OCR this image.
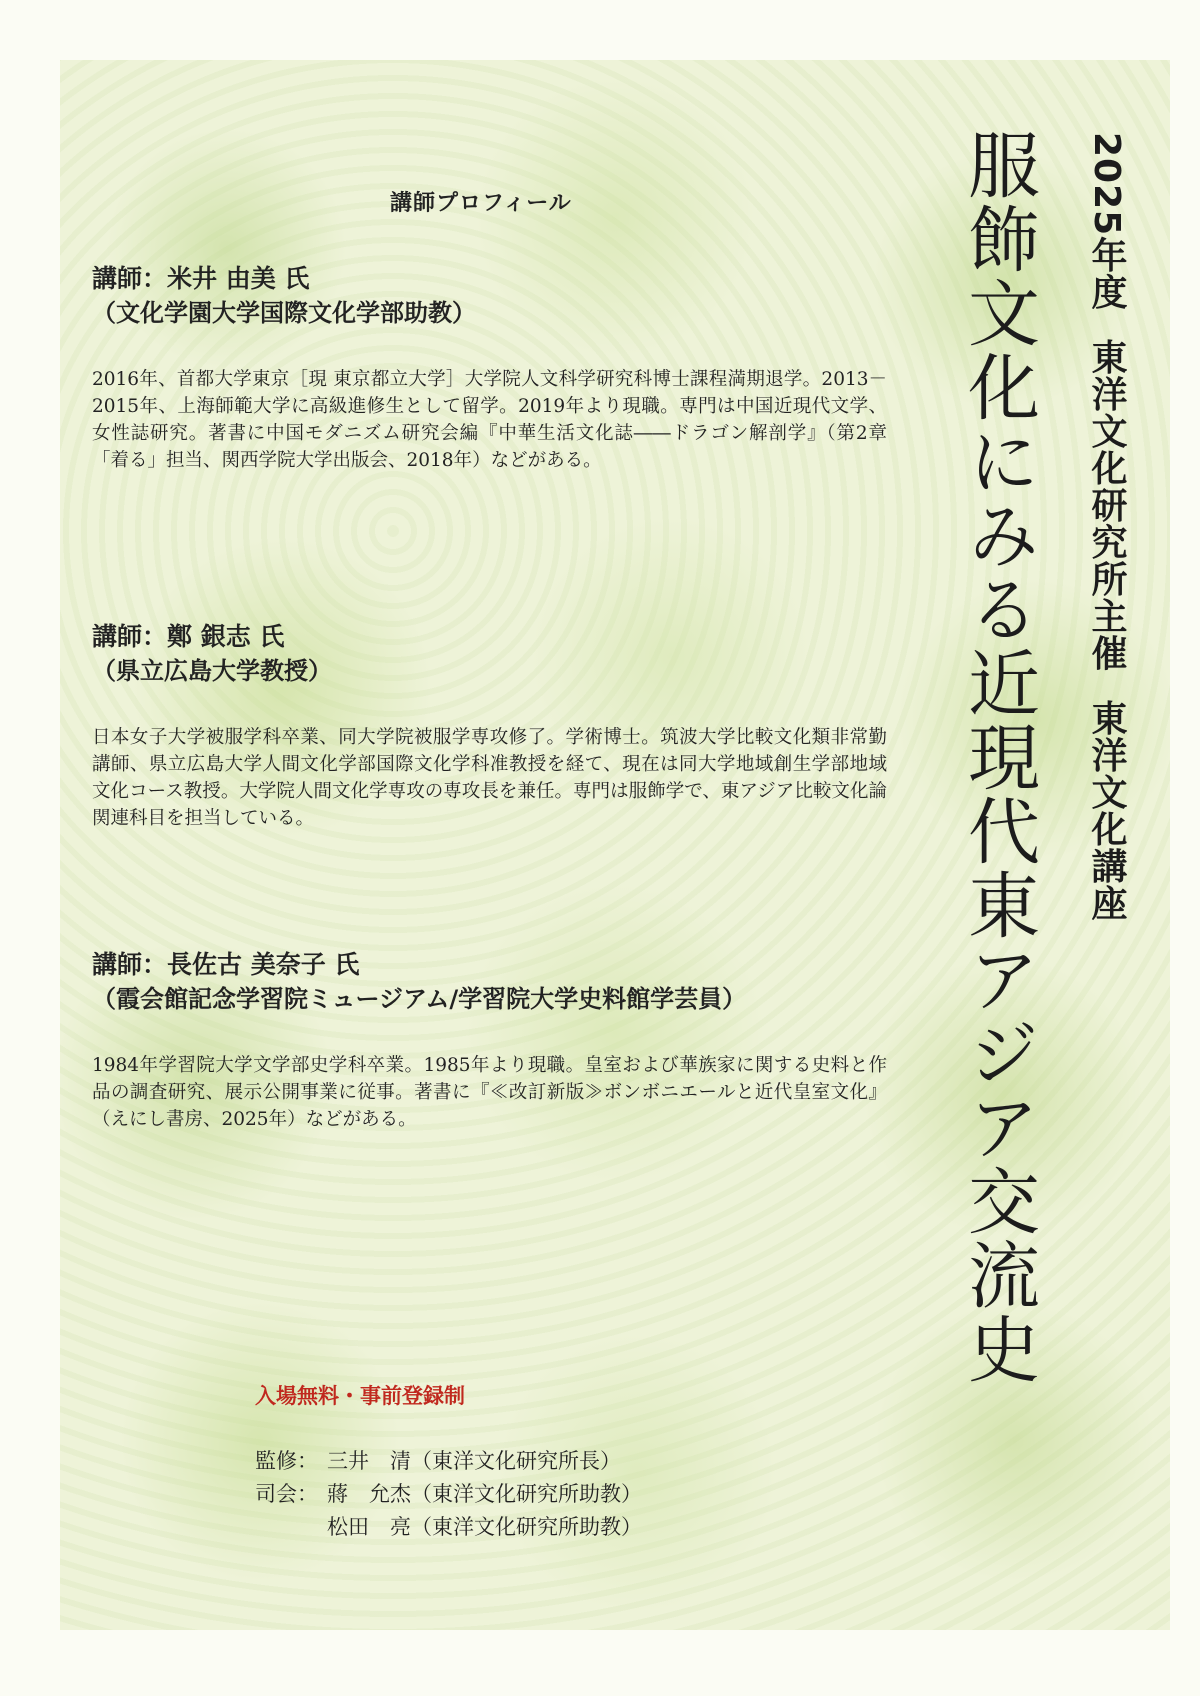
2025年度東洋文化研究所主催東洋文化講座
服飾文化にみる近現代東アジア交流史
講師プロフィール

講師：米井 由美 氏

（文化学園大学国際文化学部助教）

2016年、首都大学東京［現 東京都立大学］大学院人文科学研究科博士課程満期退学。2013－2015年、上海師範大学に高級進修生として留学。2019年より現職。専門は中国近現代文学、女性誌研究。著書に中国モダニズム研究会編『中華生活文化誌――ドラゴン解剖学』（第2章「着る」担当、関西学院大学出版会、2018年）などがある。

講師：鄭 銀志 氏

（県立広島大学教授）

日本女子大学被服学科卒業、同大学院被服学専攻修了。学術博士。筑波大学比較文化類非常勤講師、県立広島大学人間文化学部国際文化学科准教授を経て、現在は同大学地域創生学部地域文化コース教授。大学院人間文化学専攻の専攻長を兼任。専門は服飾学で、東アジア比較文化論関連科目を担当している。

講師：長佐古 美奈子 氏

（霞会館記念学習院ミュージアム/学習院大学史料館学芸員）

1984年学習院大学文学部史学科卒業。1985年より現職。皇室および華族家に関する史料と作品の調査研究、展示公開事業に従事。著書に『≪改訂新版≫ボンボニエールと近代皇室文化』（えにし書房、2025年）などがある。

入場無料・事前登録制
監修： 三井　清 （東洋文化研究所長）
司会： 蔣　允杰 （東洋文化研究所助教）
松田　亮 （東洋文化研究所助教）
